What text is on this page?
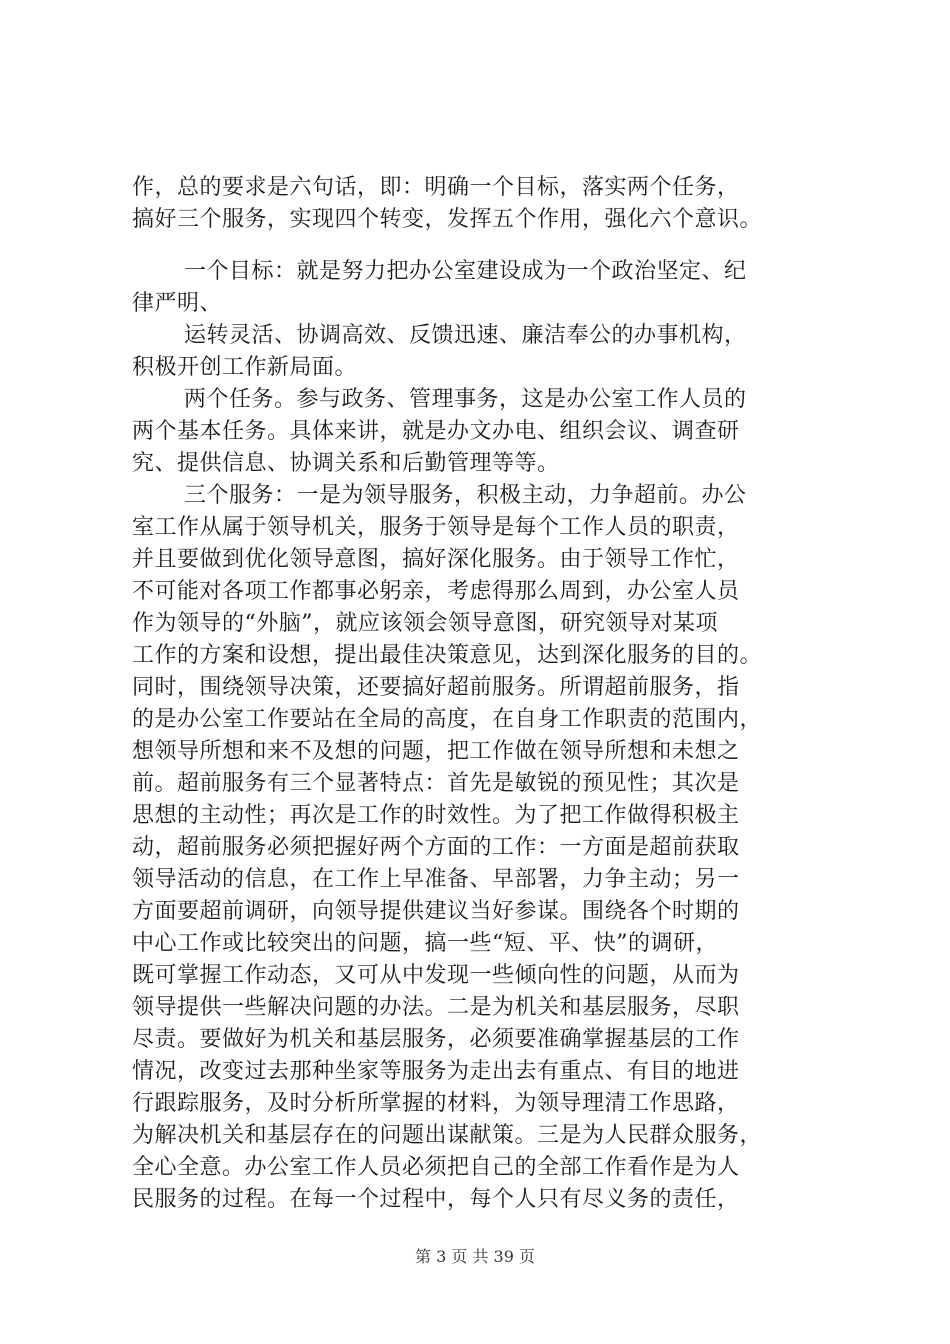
作，总的要求是六句话，即：明确一个目标，落实两个任务，
搞好三个服务，实现四个转变，发挥五个作用，强化六个意识。
一个目标：就是努力把办公室建设成为一个政治坚定、纪
律严明、
运转灵活、协调高效、反馈迅速、廉洁奉公的办事机构，
积极开创工作新局面。
两个任务。参与政务、管理事务，这是办公室工作人员的
两个基本任务。具体来讲，就是办文办电、组织会议、调查研
究、提供信息、协调关系和后勤管理等等。
三个服务：一是为领导服务，积极主动，力争超前。办公
室工作从属于领导机关，服务于领导是每个工作人员的职责，
并且要做到优化领导意图，搞好深化服务。由于领导工作忙，
不可能对各项工作都事必躬亲，考虑得那么周到，办公室人员
作为领导的“外脑”，就应该领会领导意图，研究领导对某项
工作的方案和设想，提出最佳决策意见，达到深化服务的目的。
同时，围绕领导决策，还要搞好超前服务。所谓超前服务，指
的是办公室工作要站在全局的高度，在自身工作职责的范围内，
想领导所想和来不及想的问题，把工作做在领导所想和未想之
前。超前服务有三个显著特点：首先是敏锐的预见性；其次是
思想的主动性；再次是工作的时效性。为了把工作做得积极主
动，超前服务必须把握好两个方面的工作：一方面是超前获取
领导活动的信息，在工作上早准备、早部署，力争主动；另一
方面要超前调研，向领导提供建议当好参谋。围绕各个时期的
中心工作或比较突出的问题，搞一些“短、平、快”的调研，
既可掌握工作动态，又可从中发现一些倾向性的问题，从而为
领导提供一些解决问题的办法。二是为机关和基层服务，尽职
尽责。要做好为机关和基层服务，必须要准确掌握基层的工作
情况，改变过去那种坐家等服务为走出去有重点、有目的地进
行跟踪服务，及时分析所掌握的材料，为领导理清工作思路，
为解决机关和基层存在的问题出谋献策。三是为人民群众服务，
全心全意。办公室工作人员必须把自己的全部工作看作是为人
民服务的过程。在每一个过程中，每个人只有尽义务的责任，
第 3 页 共 39 页
